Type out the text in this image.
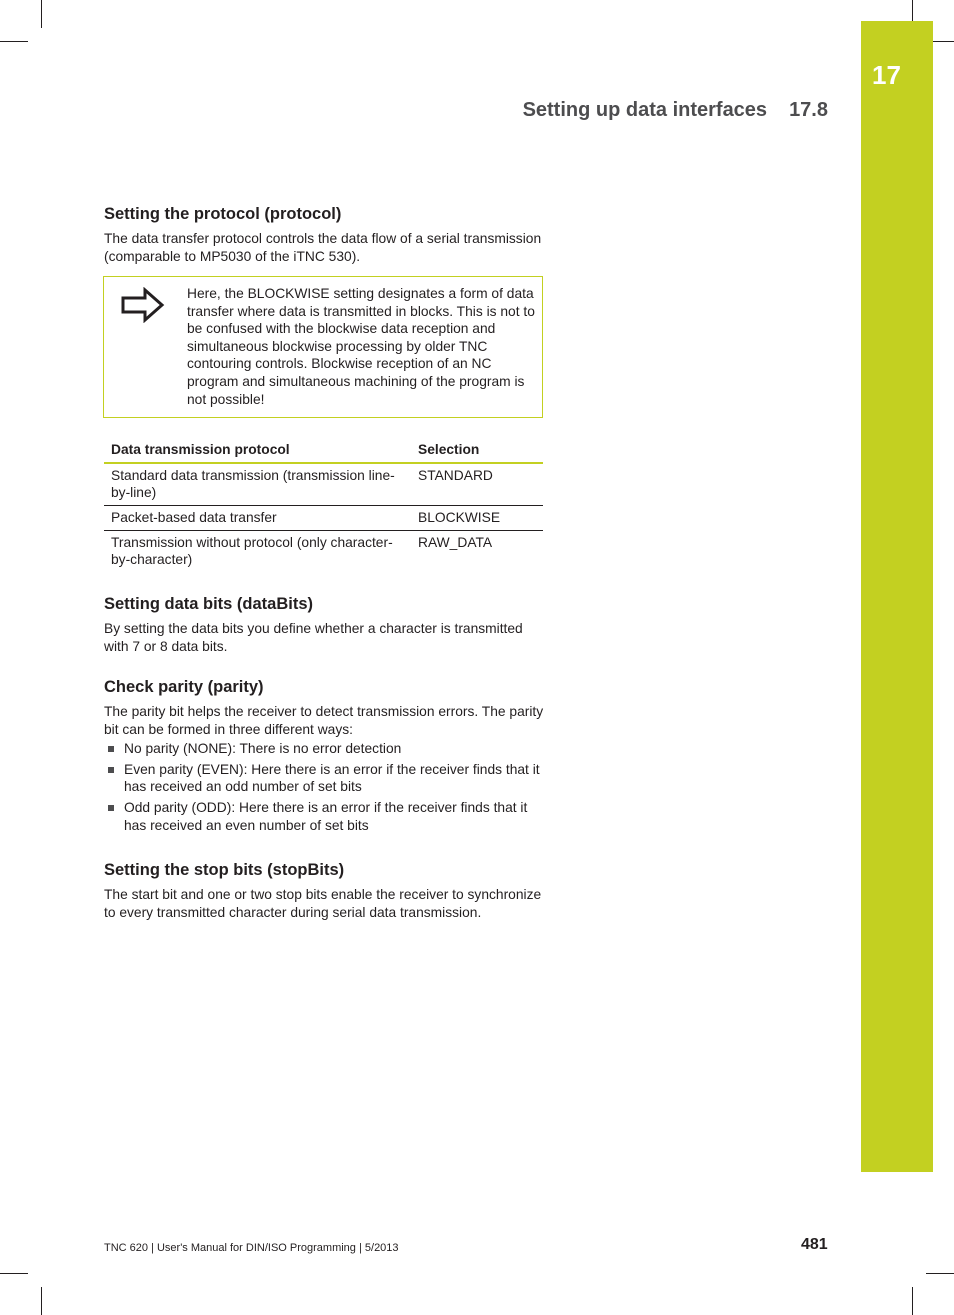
17
Setting up data interfaces 17.8
Setting the protocol (protocol)

The data transfer protocol controls the data flow of a serial transmission (comparable to MP5030 of the iTNC 530).

Here, the BLOCKWISE setting designates a form of data transfer where data is transmitted in blocks. This is not to be confused with the blockwise data reception and simultaneous blockwise processing by older TNC contouring controls. Blockwise reception of an NC program and simultaneous machining of the program is not possible!
Data transmission protocol	Selection
Standard data transmission (transmission line-by-line)	STANDARD
Packet-based data transfer	BLOCKWISE
Transmission without protocol (only character-by-character)	RAW_DATA
Setting data bits (dataBits)

By setting the data bits you define whether a character is transmitted with 7 or 8 data bits.

Check parity (parity)

The parity bit helps the receiver to detect transmission errors. The parity bit can be formed in three different ways:

No parity (NONE): There is no error detection
Even parity (EVEN): Here there is an error if the receiver finds that it has received an odd number of set bits
Odd parity (ODD): Here there is an error if the receiver finds that it has received an even number of set bits
Setting the stop bits (stopBits)

The start bit and one or two stop bits enable the receiver to synchronize to every transmitted character during serial data transmission.

TNC 620 | User's Manual for DIN/ISO Programming | 5/2013	481
